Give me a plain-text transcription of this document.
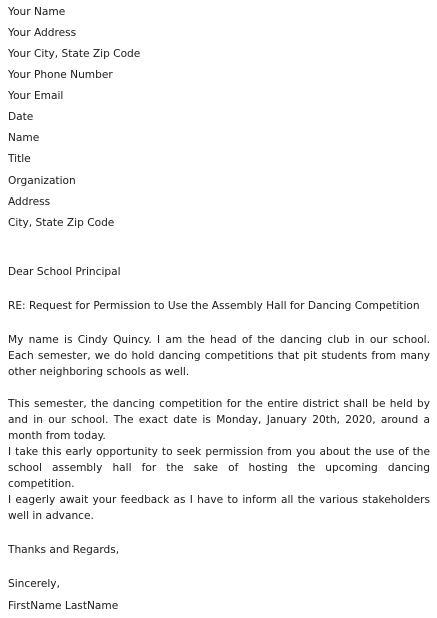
Your Name
Your Address
Your City, State Zip Code
Your Phone Number
Your Email
Date
Name
Title
Organization
Address
City, State Zip Code
Dear School Principal
RE: Request for Permission to Use the Assembly Hall for Dancing Competition
My name is Cindy Quincy. I am the head of the dancing club in our school. Each semester, we do hold dancing competitions that pit students from many other neighboring schools as well.
This semester, the dancing competition for the entire district shall be held by and in our school. The exact date is Monday, January 20th, 2020, around a month from today.
I take this early opportunity to seek permission from you about the use of the school assembly hall for the sake of hosting the upcoming dancing competition.
I eagerly await your feedback as I have to inform all the various stakeholders well in advance.
Thanks and Regards,
Sincerely,
FirstName LastName
